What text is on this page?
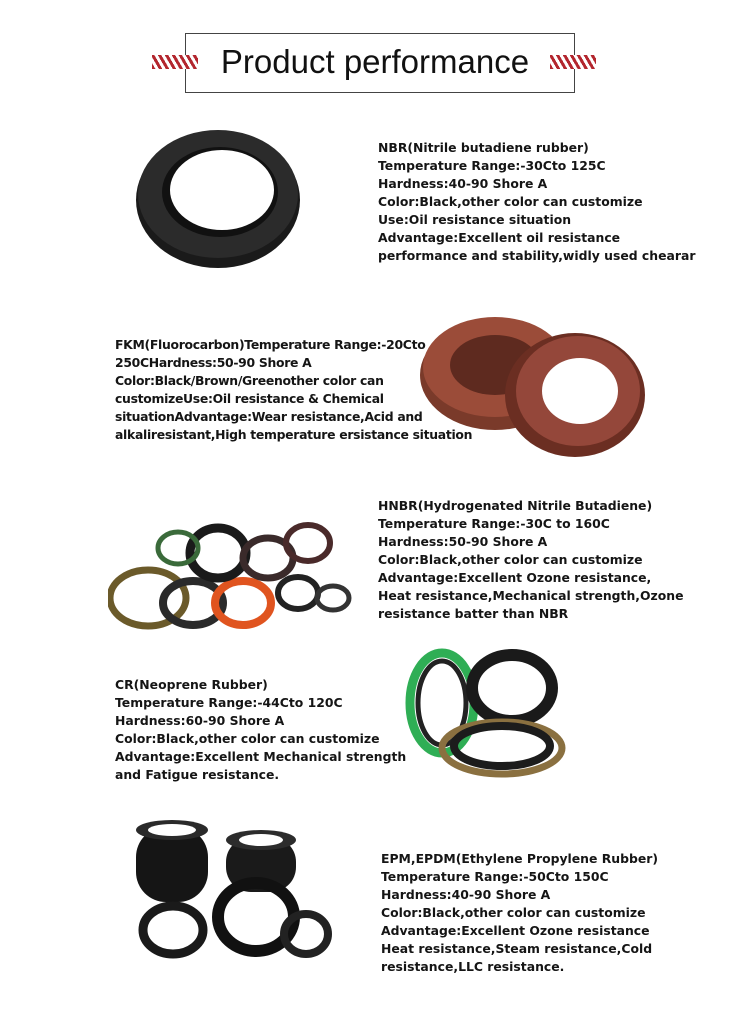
Product performance
NBR(Nitrile butadiene rubber)
Temperature Range:-30Cto 125C
Hardness:40-90 Shore A
Color:Black,other color can customize
Use:Oil resistance situation
Advantage:Excellent oil resistance
performance and stability,widly used chearar
FKM(Fluorocarbon)Temperature Range:-20Cto
250CHardness:50-90 Shore A
Color:Black/Brown/Greenother color can
customizeUse:Oil resistance & Chemical
situationAdvantage:Wear resistance,Acid and
alkaliresistant,High temperature ersistance situation
HNBR(Hydrogenated Nitrile Butadiene)
Temperature Range:-30C to 160C
Hardness:50-90 Shore A
Color:Black,other color can customize
Advantage:Excellent Ozone resistance,
Heat resistance,Mechanical strength,Ozone
resistance batter than NBR
CR(Neoprene Rubber)
Temperature Range:-44Cto 120C
Hardness:60-90 Shore A
Color:Black,other color can customize
Advantage:Excellent Mechanical strength
and Fatigue resistance.
EPM,EPDM(Ethylene Propylene Rubber)
Temperature Range:-50Cto 150C
Hardness:40-90 Shore A
Color:Black,other color can customize
Advantage:Excellent Ozone resistance
Heat resistance,Steam resistance,Cold
resistance,LLC resistance.
